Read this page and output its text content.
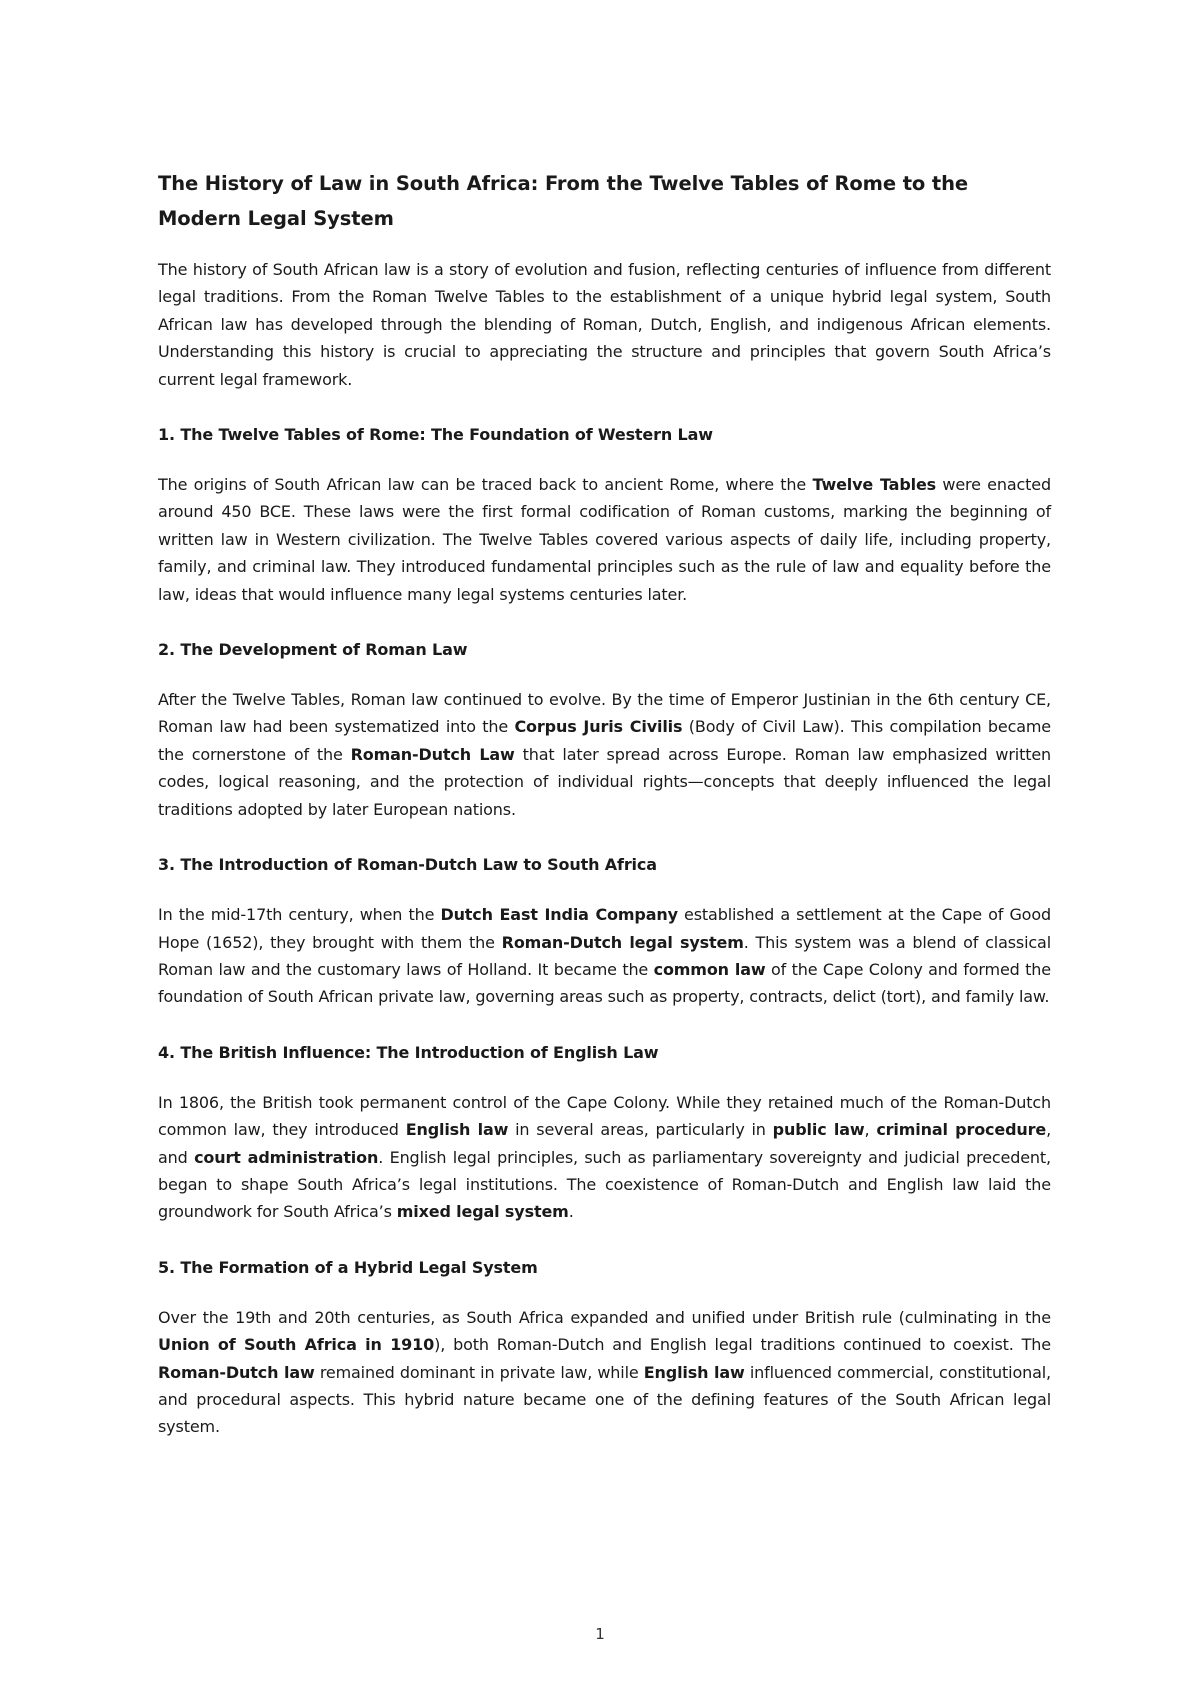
The History of Law in South Africa: From the Twelve Tables of Rome to the Modern Legal System

The history of South African law is a story of evolution and fusion, reflecting centuries of influence from different legal traditions. From the Roman Twelve Tables to the establishment of a unique hybrid legal system, South African law has developed through the blending of Roman, Dutch, English, and indigenous African elements. Understanding this history is crucial to appreciating the structure and principles that govern South Africa’s current legal framework.

1. The Twelve Tables of Rome: The Foundation of Western Law

The origins of South African law can be traced back to ancient Rome, where the Twelve Tables were enacted around 450 BCE. These laws were the first formal codification of Roman customs, marking the beginning of written law in Western civilization. The Twelve Tables covered various aspects of daily life, including property, family, and criminal law. They introduced fundamental principles such as the rule of law and equality before the law, ideas that would influence many legal systems centuries later.

2. The Development of Roman Law

After the Twelve Tables, Roman law continued to evolve. By the time of Emperor Justinian in the 6th century CE, Roman law had been systematized into the Corpus Juris Civilis (Body of Civil Law). This compilation became the cornerstone of the Roman-Dutch Law that later spread across Europe. Roman law emphasized written codes, logical reasoning, and the protection of individual rights—concepts that deeply influenced the legal traditions adopted by later European nations.

3. The Introduction of Roman-Dutch Law to South Africa

In the mid-17th century, when the Dutch East India Company established a settlement at the Cape of Good Hope (1652), they brought with them the Roman-Dutch legal system. This system was a blend of classical Roman law and the customary laws of Holland. It became the common law of the Cape Colony and formed the foundation of South African private law, governing areas such as property, contracts, delict (tort), and family law.

4. The British Influence: The Introduction of English Law

In 1806, the British took permanent control of the Cape Colony. While they retained much of the Roman-Dutch common law, they introduced English law in several areas, particularly in public law, criminal procedure, and court administration. English legal principles, such as parliamentary sovereignty and judicial precedent, began to shape South Africa’s legal institutions. The coexistence of Roman-Dutch and English law laid the groundwork for South Africa’s mixed legal system.

5. The Formation of a Hybrid Legal System

Over the 19th and 20th centuries, as South Africa expanded and unified under British rule (culminating in the Union of South Africa in 1910), both Roman-Dutch and English legal traditions continued to coexist. The Roman-Dutch law remained dominant in private law, while English law influenced commercial, constitutional, and procedural aspects. This hybrid nature became one of the defining features of the South African legal system.

1
